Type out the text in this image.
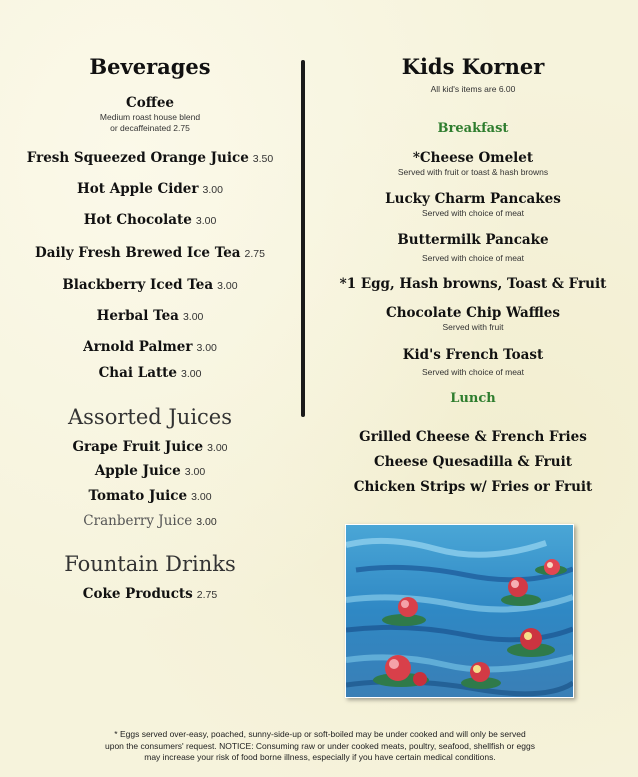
Beverages
Coffee
Medium roast house blend
or decaffeinated 2.75
Fresh Squeezed Orange Juice 3.50
Hot Apple Cider 3.00
Hot Chocolate 3.00
Daily Fresh Brewed Ice Tea 2.75
Blackberry Iced Tea 3.00
Herbal Tea 3.00
Arnold Palmer 3.00
Chai Latte 3.00
Assorted Juices
Grape Fruit Juice 3.00
Apple Juice 3.00
Tomato Juice 3.00
Cranberry Juice 3.00
Fountain Drinks
Coke Products 2.75
Kids Korner
All kid's items are 6.00
Breakfast
*Cheese Omelet
Served with fruit or toast & hash browns
Lucky Charm Pancakes
Served with choice of meat
Buttermilk Pancake
Served with choice of meat
*1 Egg, Hash browns, Toast & Fruit
Chocolate Chip Waffles
Served with fruit
Kid's French Toast
Served with choice of meat
Lunch
Grilled Cheese & French Fries
Cheese Quesadilla & Fruit
Chicken Strips w/ Fries or Fruit
* Eggs served over-easy, poached, sunny-side-up or soft-boiled may be under cooked and will only be served
upon the consumers' request. NOTICE: Consuming raw or under cooked meats, poultry, seafood, shellfish or eggs
may increase your risk of food borne illness, especially if you have certain medical conditions.
